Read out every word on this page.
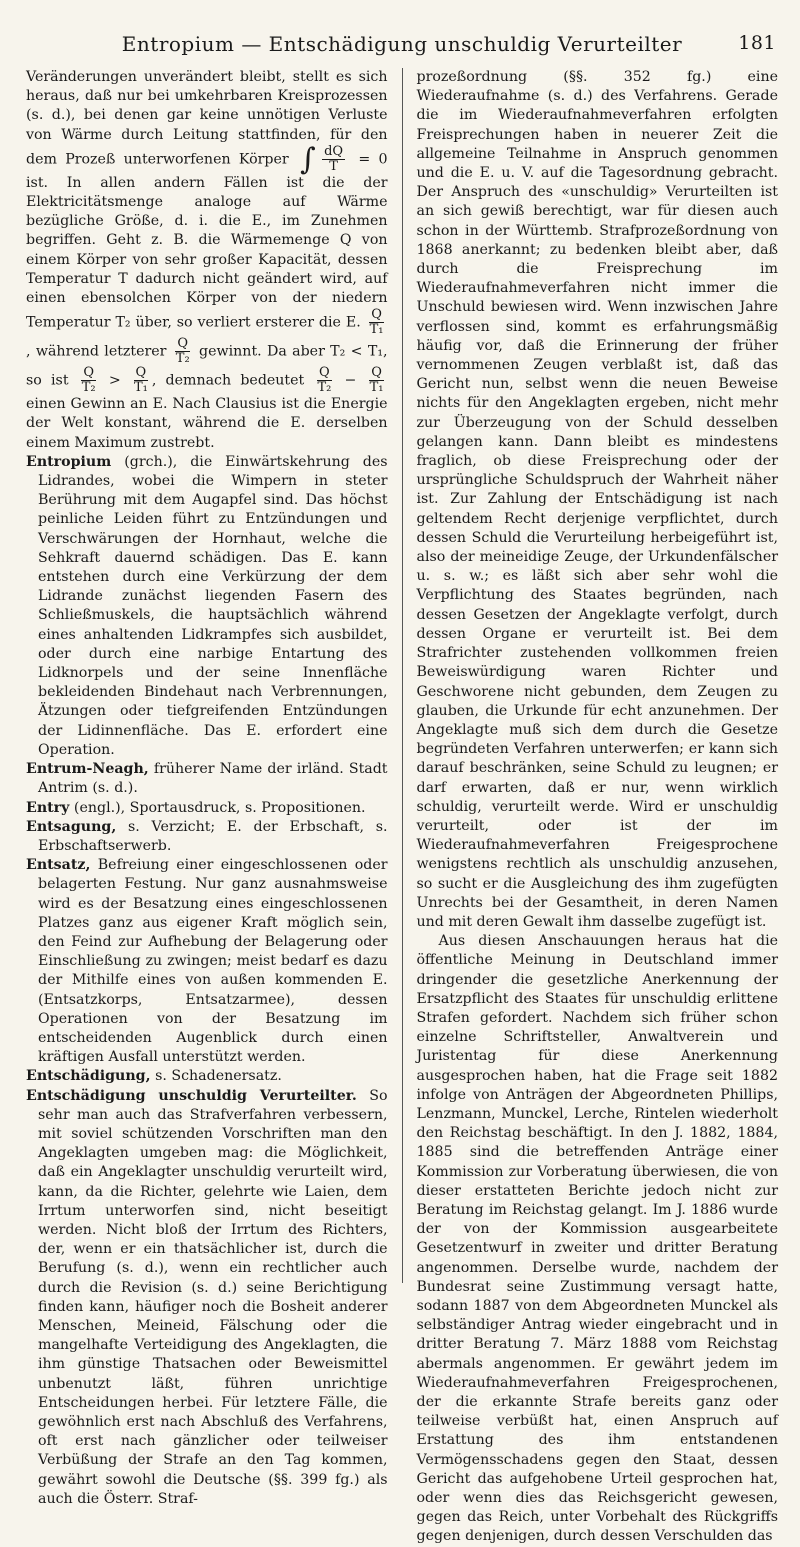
Entropium — Entschädigung unschuldig Verurteilter	181

Veränderungen unverändert bleibt, stellt es sich heraus, daß nur bei umkehrbaren Kreisprozessen (s. d.), bei denen gar keine unnötigen Verluste von Wärme durch Leitung stattfinden, für den dem Prozeß unterworfenen Körper ∫ $\frac{dQ}{T} = 0$ ist. In allen andern Fällen ist die der Elektricitätsmenge analoge auf Wärme bezügliche Größe, d. i. die E., im Zunehmen begriffen. Geht z. B. die Wärmemenge Q von einem Körper von sehr großer Kapacität, dessen Temperatur T dadurch nicht geändert wird, auf einen ebensolchen Körper von der niedern Temperatur T₂ über, so verliert ersterer die E. $\frac{Q}{\text{T₁}}$
, während letzterer $\frac{Q}{\text{T₂}}$ gewinnt. Da aber T₂ < T₁, so ist $\frac{Q}{\text{T₂}} > \frac{Q}{\text{T₁}}$ , demnach bedeutet $\frac{Q}{\text{T₂}} - \frac{Q}{\text{T₁}}$
einen Gewinn an E. Nach Clausius ist die Energie der Welt konstant, während die E. derselben einem Maximum zustrebt.

Entropium (grch.), die Einwärtskehrung des Lidrandes, wobei die Wimpern in steter Berührung mit dem Augapfel sind. Das höchst peinliche Leiden führt zu Entzündungen und Verschwärungen der Hornhaut, welche die Sehkraft dauernd schädigen. Das E. kann entstehen durch eine Verkürzung der dem Lidrande zunächst liegenden Fasern des Schließmuskels, die hauptsächlich während eines anhaltenden Lidkrampfes sich ausbildet, oder durch eine narbige Entartung des Lidknorpels und der seine Innenfläche bekleidenden Bindehaut nach Verbrennungen, Ätzungen oder tiefgreifenden Entzündungen der Lidinnenfläche. Das E. erfordert eine Operation.

Entrum-Neagh, früherer Name der irländ. Stadt Antrim (s. d.).

Entry (engl.), Sportausdruck, s. Propositionen.

Entsagung, s. Verzicht; E. der Erbschaft, s. Erbschaftserwerb.

Entsatz, Befreiung einer eingeschlossenen oder belagerten Festung. Nur ganz ausnahmsweise wird es der Besatzung eines eingeschlossenen Platzes ganz aus eigener Kraft möglich sein, den Feind zur Aufhebung der Belagerung oder Einschließung zu zwingen; meist bedarf es dazu der Mithilfe eines von außen kommenden E. (Entsatzkorps, Entsatzarmee), dessen Operationen von der Besatzung im entscheidenden Augenblick durch einen kräftigen Ausfall unterstützt werden.

Entschädigung, s. Schadenersatz.

Entschädigung unschuldig Verurteilter. So sehr man auch das Strafverfahren verbessern, mit soviel schützenden Vorschriften man den Angeklagten umgeben mag: die Möglichkeit, daß ein Angeklagter unschuldig verurteilt wird, kann, da die Richter, gelehrte wie Laien, dem Irrtum unterworfen sind, nicht beseitigt werden. Nicht bloß der Irrtum des Richters, der, wenn er ein thatsächlicher ist, durch die Berufung (s. d.), wenn ein rechtlicher auch durch die Revision (s. d.) seine Berichtigung finden kann, häufiger noch die Bosheit anderer Menschen, Meineid, Fälschung oder die mangelhafte Verteidigung des Angeklagten, die ihm günstige Thatsachen oder Beweismittel unbenutzt läßt, führen unrichtige Entscheidungen herbei. Für letztere Fälle, die gewöhnlich erst nach Abschluß des Verfahrens, oft erst nach gänzlicher oder teilweiser Verbüßung der Strafe an den Tag kommen, gewährt sowohl die Deutsche (§§. 399 fg.) als auch die Österr. Straf-

prozeßordnung (§§. 352 fg.) eine Wiederaufnahme (s. d.) des Verfahrens. Gerade die im Wiederaufnahmeverfahren erfolgten Freisprechungen haben in neuerer Zeit die allgemeine Teilnahme in Anspruch genommen und die E. u. V. auf die Tagesordnung gebracht. Der Anspruch des «unschuldig» Verurteilten ist an sich gewiß berechtigt, war für diesen auch schon in der Württemb. Strafprozeßordnung von 1868 anerkannt; zu bedenken bleibt aber, daß durch die Freisprechung im Wiederaufnahmeverfahren nicht immer die Unschuld bewiesen wird. Wenn inzwischen Jahre verflossen sind, kommt es erfahrungsmäßig häufig vor, daß die Erinnerung der früher vernommenen Zeugen verblaßt ist, daß das Gericht nun, selbst wenn die neuen Beweise nichts für den Angeklagten ergeben, nicht mehr zur Überzeugung von der Schuld desselben gelangen kann. Dann bleibt es mindestens fraglich, ob diese Freisprechung oder der ursprüngliche Schuldspruch der Wahrheit näher ist. Zur Zahlung der Entschädigung ist nach geltendem Recht derjenige verpflichtet, durch dessen Schuld die Verurteilung herbeigeführt ist, also der meineidige Zeuge, der Urkundenfälscher u. s. w.; es läßt sich aber sehr wohl die Verpflichtung des Staates begründen, nach dessen Gesetzen der Angeklagte verfolgt, durch dessen Organe er verurteilt ist. Bei dem Strafrichter zustehenden vollkommen freien Beweiswürdigung waren Richter und Geschworene nicht gebunden, dem Zeugen zu glauben, die Urkunde für echt anzunehmen. Der Angeklagte muß sich dem durch die Gesetze begründeten Verfahren unterwerfen; er kann sich darauf beschränken, seine Schuld zu leugnen; er darf erwarten, daß er nur, wenn wirklich schuldig, verurteilt werde. Wird er unschuldig verurteilt, oder ist der im Wiederaufnahmeverfahren Freigesprochene wenigstens rechtlich als unschuldig anzusehen, so sucht er die Ausgleichung des ihm zugefügten Unrechts bei der Gesamtheit, in deren Namen und mit deren Gewalt ihm dasselbe zugefügt ist.

Aus diesen Anschauungen heraus hat die öffentliche Meinung in Deutschland immer dringender die gesetzliche Anerkennung der Ersatzpflicht des Staates für unschuldig erlittene Strafen gefordert. Nachdem sich früher schon einzelne Schriftsteller, Anwaltverein und Juristentag für diese Anerkennung ausgesprochen haben, hat die Frage seit 1882 infolge von Anträgen der Abgeordneten Phillips, Lenzmann, Munckel, Lerche, Rintelen wiederholt den Reichstag beschäftigt. In den J. 1882, 1884, 1885 sind die betreffenden Anträge einer Kommission zur Vorberatung überwiesen, die von dieser erstatteten Berichte jedoch nicht zur Beratung im Reichstag gelangt. Im J. 1886 wurde der von der Kommission ausgearbeitete Gesetzentwurf in zweiter und dritter Beratung angenommen. Derselbe wurde, nachdem der Bundesrat seine Zustimmung versagt hatte, sodann 1887 von dem Abgeordneten Munckel als selbständiger Antrag wieder eingebracht und in dritter Beratung 7. März 1888 vom Reichstag abermals angenommen. Er gewährt jedem im Wiederaufnahmeverfahren Freigesprochenen, der die erkannte Strafe bereits ganz oder teilweise verbüßt hat, einen Anspruch auf Erstattung des ihm entstandenen Vermögensschadens gegen den Staat, dessen Gericht das aufgehobene Urteil gesprochen hat, oder wenn dies das Reichsgericht gewesen, gegen das Reich, unter Vorbehalt des Rückgriffs gegen denjenigen, durch dessen Verschulden das
